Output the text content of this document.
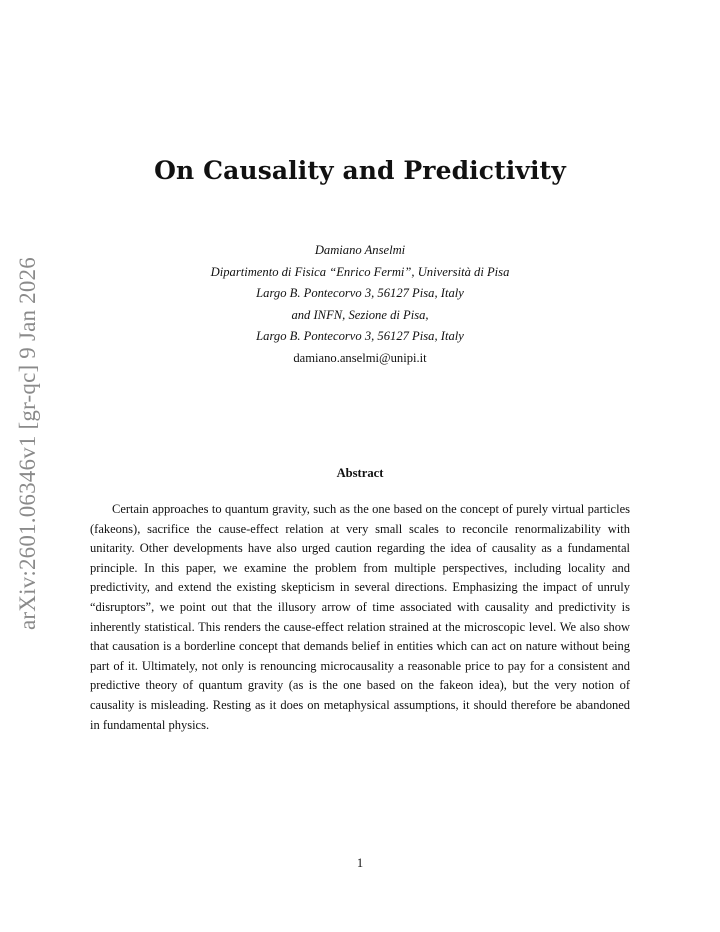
arXiv:2601.06346v1 [gr-qc] 9 Jan 2026
On Causality and Predictivity
Damiano Anselmi
Dipartimento di Fisica “Enrico Fermi”, Università di Pisa
Largo B. Pontecorvo 3, 56127 Pisa, Italy
and INFN, Sezione di Pisa,
Largo B. Pontecorvo 3, 56127 Pisa, Italy
damiano.anselmi@unipi.it
Abstract

Certain approaches to quantum gravity, such as the one based on the concept of purely virtual particles (fakeons), sacrifice the cause-effect relation at very small scales to reconcile renormalizability with unitarity. Other developments have also urged caution regarding the idea of causality as a fundamental principle. In this paper, we examine the problem from multiple perspectives, including locality and predictivity, and extend the existing skepticism in several directions. Emphasizing the impact of unruly “disruptors”, we point out that the illusory arrow of time associated with causality and predictivity is inherently statistical. This renders the cause-effect relation strained at the microscopic level. We also show that causation is a borderline concept that demands belief in entities which can act on nature without being part of it. Ultimately, not only is renouncing microcausality a reasonable price to pay for a consistent and predictive theory of quantum gravity (as is the one based on the fakeon idea), but the very notion of causality is misleading. Resting as it does on metaphysical assumptions, it should therefore be abandoned in fundamental physics.

1
